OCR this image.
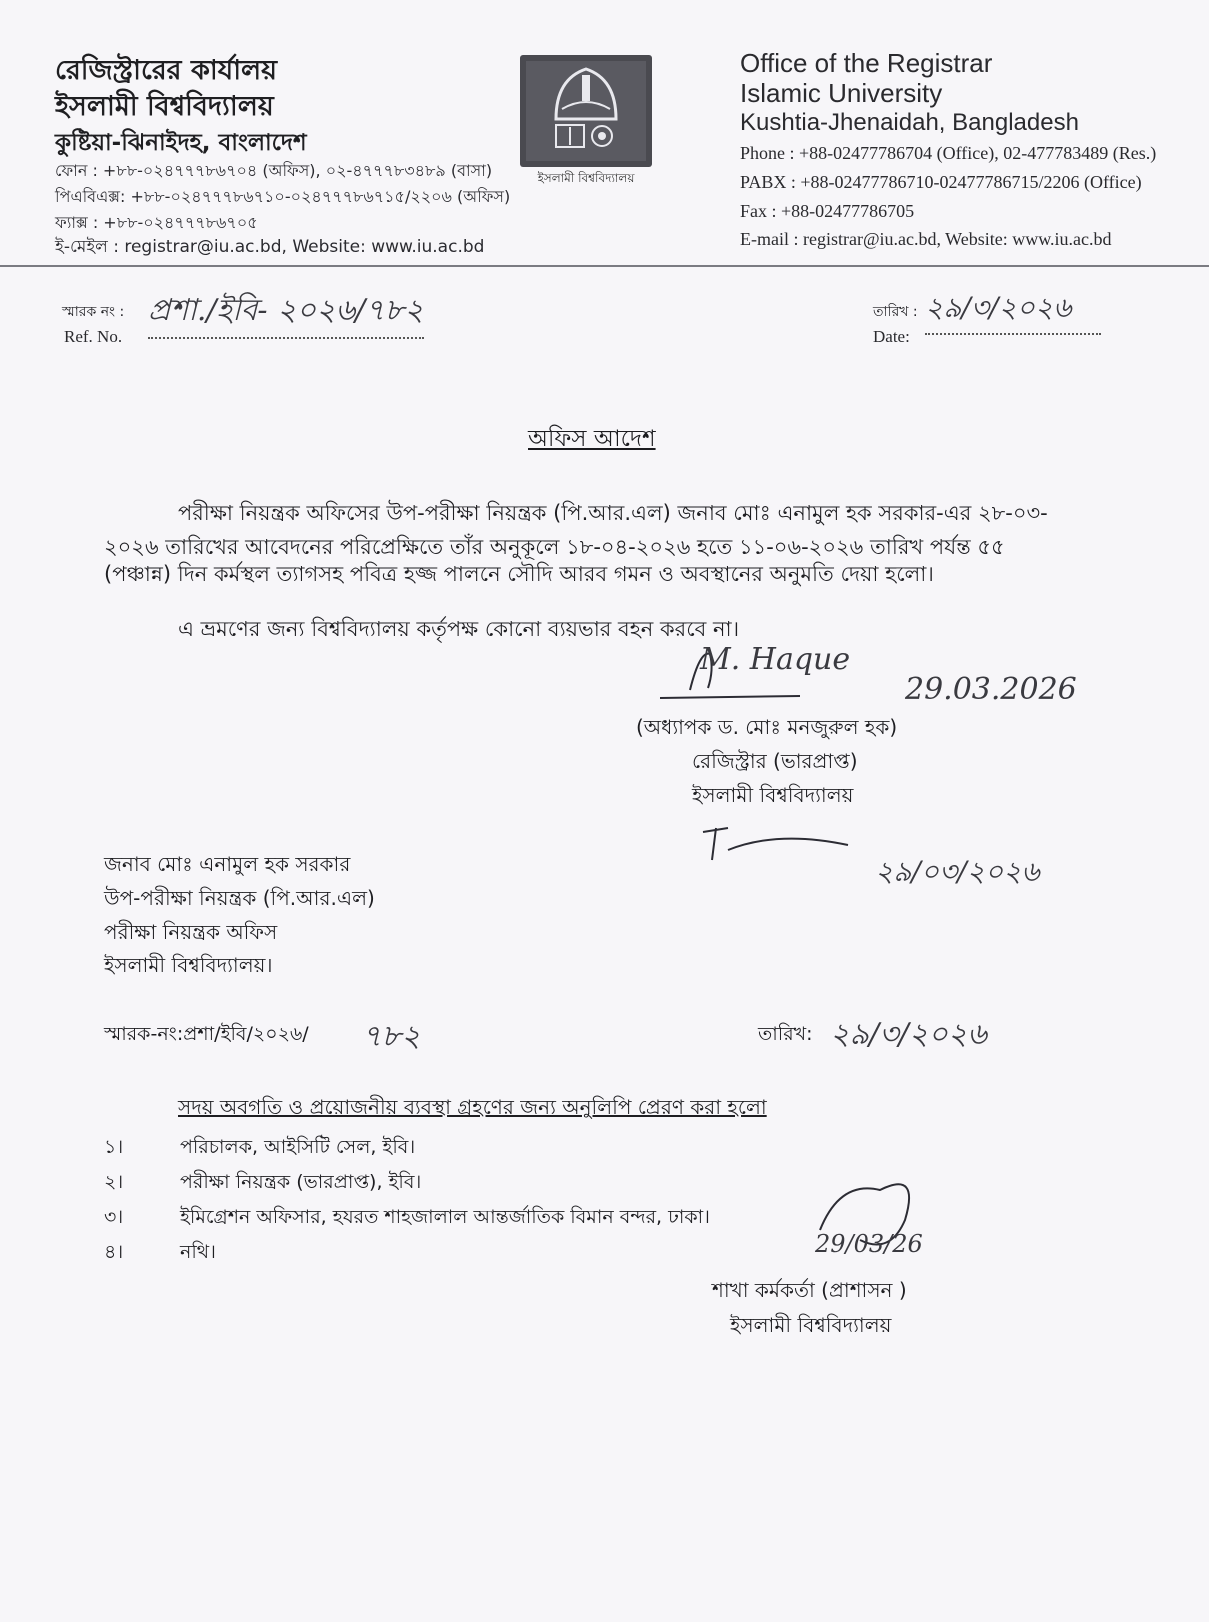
রেজিস্ট্রারের কার্যালয়
ইসলামী বিশ্ববিদ্যালয়
কুষ্টিয়া-ঝিনাইদহ, বাংলাদেশ
ফোন : +৮৮-০২৪৭৭৭৮৬৭০৪ (অফিস), ০২-৪৭৭৭৮৩৪৮৯ (বাসা)
পিএবিএক্স: +৮৮-০২৪৭৭৭৮৬৭১০-০২৪৭৭৭৮৬৭১৫/২২০৬ (অফিস)
ফ্যাক্স : +৮৮-০২৪৭৭৭৮৬৭০৫
ই-মেইল : registrar@iu.ac.bd, Website: www.iu.ac.bd
ইসলামী বিশ্ববিদ্যালয়
Office of the Registrar
Islamic University
Kushtia-Jhenaidah, Bangladesh
Phone : +88-02477786704 (Office), 02-477783489 (Res.)
PABX : +88-02477786710-02477786715/2206 (Office)
Fax : +88-02477786705
E-mail : registrar@iu.ac.bd, Website: www.iu.ac.bd
স্মারক নং : প্রশা./ইবি- ২০২৬/৭৮২
Ref. No.
তারিখ : ২৯/৩/২০২৬
Date:
অফিস আদেশ
পরীক্ষা নিয়ন্ত্রক অফিসের উপ-পরীক্ষা নিয়ন্ত্রক (পি.আর.এল) জনাব মোঃ এনামুল হক সরকার-এর ২৮-০৩-
২০২৬ তারিখের আবেদনের পরিপ্রেক্ষিতে তাঁর অনুকূলে ১৮-০৪-২০২৬ হতে ১১-০৬-২০২৬ তারিখ পর্যন্ত ৫৫
(পঞ্চান্ন) দিন কর্মস্থল ত্যাগসহ পবিত্র হজ্জ পালনে সৌদি আরব গমন ও অবস্থানের অনুমতি দেয়া হলো।
এ ভ্রমণের জন্য বিশ্ববিদ্যালয় কর্তৃপক্ষ কোনো ব্যয়ভার বহন করবে না।
M. Haque
29.03.2026
(অধ্যাপক ড. মোঃ মনজুরুল হক)
রেজিস্ট্রার (ভারপ্রাপ্ত)
ইসলামী বিশ্ববিদ্যালয়
২৯/০৩/২০২৬
জনাব মোঃ এনামুল হক সরকার
উপ-পরীক্ষা নিয়ন্ত্রক (পি.আর.এল)
পরীক্ষা নিয়ন্ত্রক অফিস
ইসলামী বিশ্ববিদ্যালয়।
স্মারক-নং:প্রশা/ইবি/২০২৬/ ৭৮২	তারিখ: ২৯/৩/২০২৬
সদয় অবগতি ও প্রয়োজনীয় ব্যবস্থা গ্রহণের জন্য অনুলিপি প্রেরণ করা হলো
১।	পরিচালক, আইসিটি সেল, ইবি।
২।	পরীক্ষা নিয়ন্ত্রক (ভারপ্রাপ্ত), ইবি।
৩।	ইমিগ্রেশন অফিসার, হযরত শাহজালাল আন্তর্জাতিক বিমান বন্দর, ঢাকা।
৪।	নথি।	29/03/26
শাখা কর্মকর্তা (প্রাশাসন )
ইসলামী বিশ্ববিদ্যালয়
